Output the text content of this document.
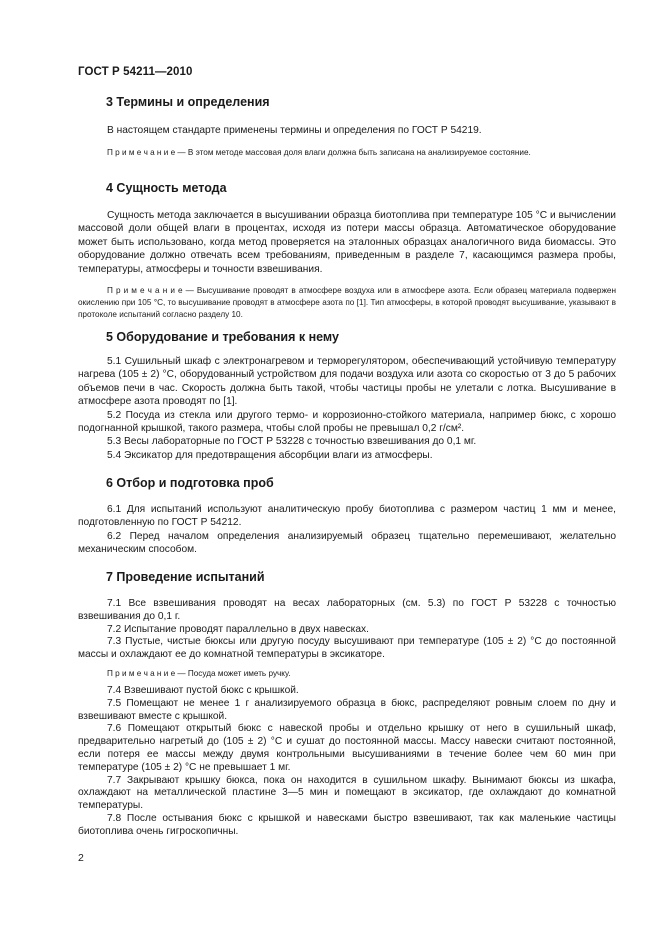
ГОСТ Р 54211—2010
3 Термины и определения

В настоящем стандарте применены термины и определения по ГОСТ Р 54219.

П р и м е ч а н и е — В этом методе массовая доля влаги должна быть записана на анализируемое состояние.

4 Сущность метода

Сущность метода заключается в высушивании образца биотоплива при температуре 105 °С и вычислении массовой доли общей влаги в процентах, исходя из потери массы образца. Автоматическое оборудование может быть использовано, когда метод проверяется на эталонных образцах аналогичного вида биомассы. Это оборудование должно отвечать всем требованиям, приведенным в разделе 7, касающимся размера пробы, температуры, атмосферы и точности взвешивания.

П р и м е ч а н и е — Высушивание проводят в атмосфере воздуха или в атмосфере азота. Если образец материала подвержен окислению при 105 °С, то высушивание проводят в атмосфере азота по [1]. Тип атмосферы, в которой проводят высушивание, указывают в протоколе испытаний согласно разделу 10.

5 Оборудование и требования к нему

5.1 Сушильный шкаф с электронагревом и терморегулятором, обеспечивающий устойчивую температуру нагрева (105 ± 2) °С, оборудованный устройством для подачи воздуха или азота со скоростью от 3 до 5 рабочих объемов печи в час. Скорость должна быть такой, чтобы частицы пробы не улетали с лотка. Высушивание в атмосфере азота проводят по [1].

5.2 Посуда из стекла или другого термо- и коррозионно-стойкого материала, например бюкс, с хорошо подогнанной крышкой, такого размера, чтобы слой пробы не превышал 0,2 г/см².

5.3 Весы лабораторные по ГОСТ Р 53228 с точностью взвешивания до 0,1 мг.

5.4 Эксикатор для предотвращения абсорбции влаги из атмосферы.

6 Отбор и подготовка проб

6.1 Для испытаний используют аналитическую пробу биотоплива с размером частиц 1 мм и менее, подготовленную по ГОСТ Р 54212.

6.2 Перед началом определения анализируемый образец тщательно перемешивают, желательно механическим способом.

7 Проведение испытаний

7.1 Все взвешивания проводят на весах лабораторных (см. 5.3) по ГОСТ Р 53228 с точностью взвешивания до 0,1 г.

7.2 Испытание проводят параллельно в двух навесках.

7.3 Пустые, чистые бюксы или другую посуду высушивают при температуре (105 ± 2) °С до постоянной массы и охлаждают ее до комнатной температуры в эксикаторе.

П р и м е ч а н и е — Посуда может иметь ручку.

7.4 Взвешивают пустой бюкс с крышкой.

7.5 Помещают не менее 1 г анализируемого образца в бюкс, распределяют ровным слоем по дну и взвешивают вместе с крышкой.

7.6 Помещают открытый бюкс с навеской пробы и отдельно крышку от него в сушильный шкаф, предварительно нагретый до (105 ± 2) °С и сушат до постоянной массы. Массу навески считают постоянной, если потеря ее массы между двумя контрольными высушиваниями в течение более чем 60 мин при температуре (105 ± 2) °С не превышает 1 мг.

7.7 Закрывают крышку бюкса, пока он находится в сушильном шкафу. Вынимают бюксы из шкафа, охлаждают на металлической пластине 3—5 мин и помещают в эксикатор, где охлаждают до комнатной температуры.

7.8 После остывания бюкс с крышкой и навесками быстро взвешивают, так как маленькие частицы биотоплива очень гигроскопичны.

2
